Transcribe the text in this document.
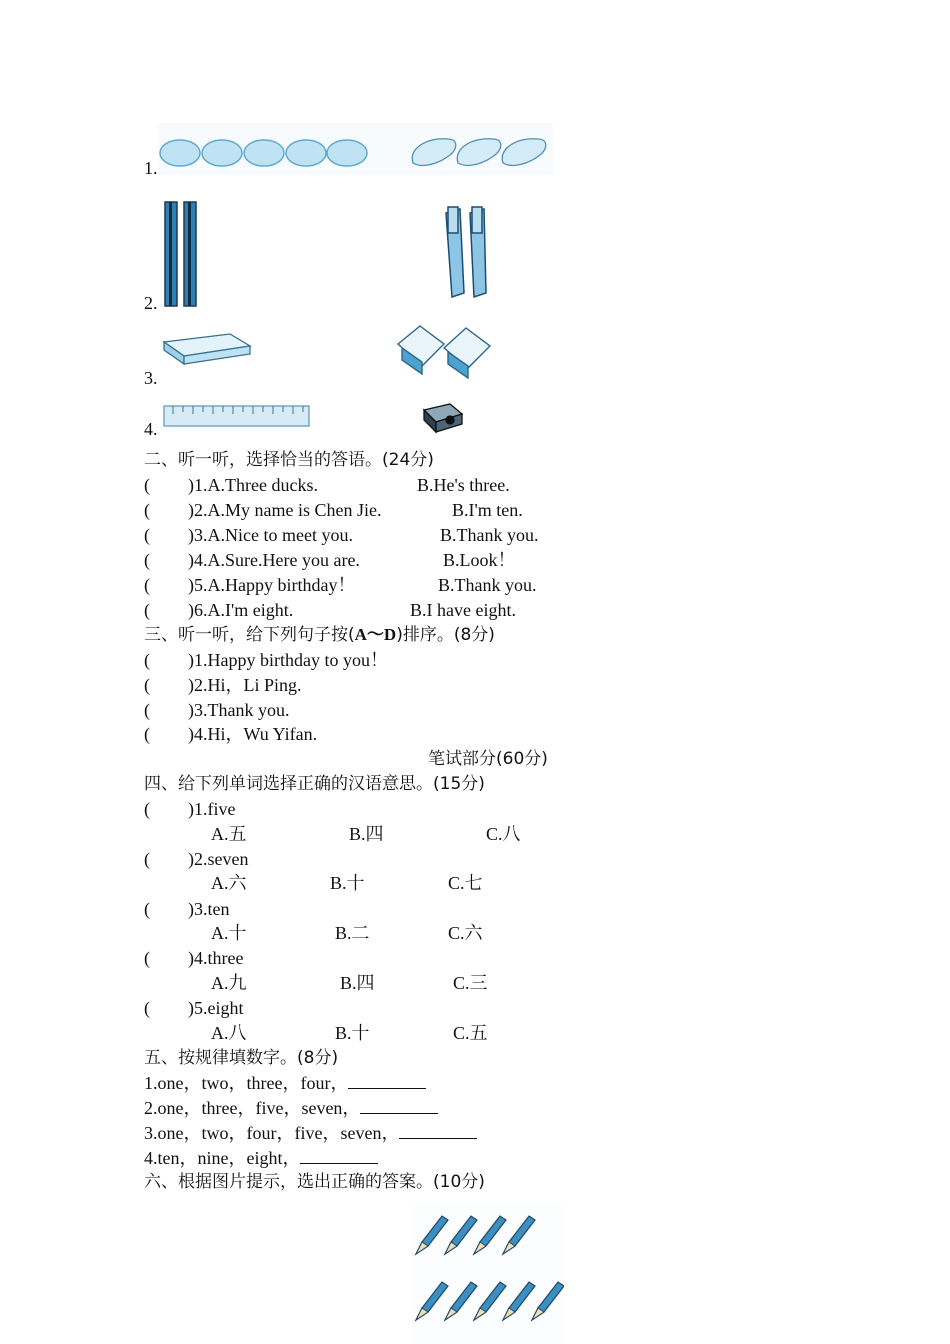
1.
2.
3.
4.
二、听一听，选择恰当的答语。(24分)
( )1.A.Three ducks.	B.He's three.
( )2.A.My name is Chen Jie.	B.I'm ten.
( )3.A.Nice to meet you.	B.Thank you.
( )4.A.Sure.Here you are.	B.Look！
( )5.A.Happy birthday！	B.Thank you.
( )6.A.I'm eight.	B.I have eight.
三、听一听，给下列句子按(A～D)排序。(8分)
( )1.Happy birthday to you！
( )2.Hi，Li Ping.
( )3.Thank you.
( )4.Hi，Wu Yifan.
笔试部分(60分)
四、给下列单词选择正确的汉语意思。(15分)
( )1.five
A.五	B.四	C.八
( )2.seven
A.六	B.十	C.七
( )3.ten
A.十	B.二	C.六
( )4.three
A.九	B.四	C.三
( )5.eight
A.八	B.十	C.五
五、按规律填数字。(8分)
1.one，two，three，four，
2.one，three，five，seven，
3.one，two，four，five，seven，
4.ten，nine，eight，
六、根据图片提示，选出正确的答案。(10分)
